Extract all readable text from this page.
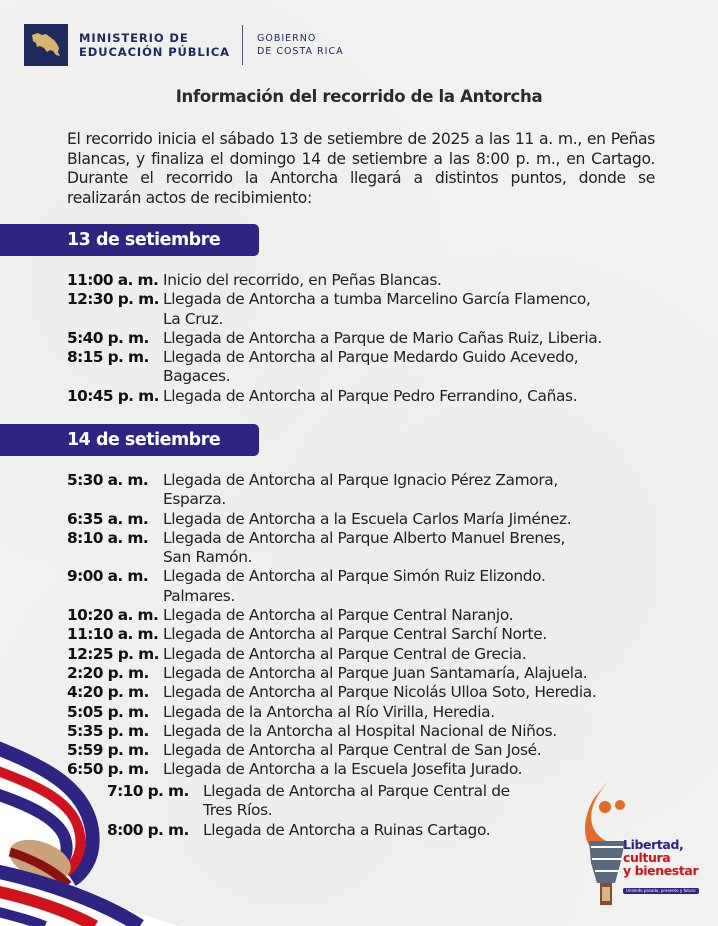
MINISTERIO DE
EDUCACIÓN PÚBLICA
GOBIERNO
DE COSTA RICA
Información del recorrido de la Antorcha
El recorrido inicia el sábado 13 de setiembre de 2025 a las 11 a. m., en Peñas Blancas, y finaliza el domingo 14 de setiembre a las 8:00 p. m., en Cartago. Durante el recorrido la Antorcha llegará a distintos puntos, donde se realizarán actos de recibimiento:
13 de setiembre
11:00 a. m. Inicio del recorrido, en Peñas Blancas.
12:30 p. m. Llegada de Antorcha a tumba Marcelino García Flamenco,
La Cruz.
5:40 p. m. Llegada de Antorcha a Parque de Mario Cañas Ruiz, Liberia.
8:15 p. m. Llegada de Antorcha al Parque Medardo Guido Acevedo,
Bagaces.
10:45 p. m. Llegada de Antorcha al Parque Pedro Ferrandino, Cañas.
14 de setiembre
5:30 a. m. Llegada de Antorcha al Parque Ignacio Pérez Zamora,
Esparza.
6:35 a. m. Llegada de Antorcha a la Escuela Carlos María Jiménez.
8:10 a. m. Llegada de Antorcha al Parque Alberto Manuel Brenes,
San Ramón.
9:00 a. m. Llegada de Antorcha al Parque Simón Ruiz Elizondo.
Palmares.
10:20 a. m. Llegada de Antorcha al Parque Central Naranjo.
11:10 a. m. Llegada de Antorcha al Parque Central Sarchí Norte.
12:25 p. m. Llegada de Antorcha al Parque Central de Grecia.
2:20 p. m. Llegada de Antorcha al Parque Juan Santamaría, Alajuela.
4:20 p. m. Llegada de Antorcha al Parque Nicolás Ulloa Soto, Heredia.
5:05 p. m. Llegada de la Antorcha al Río Virilla, Heredia.
5:35 p. m. Llegada de la Antorcha al Hospital Nacional de Niños.
5:59 p. m. Llegada de Antorcha al Parque Central de San José.
6:50 p. m. Llegada de Antorcha a la Escuela Josefita Jurado.
7:10 p. m. Llegada de Antorcha al Parque Central de
Tres Ríos.
8:00 p. m. Llegada de Antorcha a Ruinas Cartago.
Libertad,
cultura
y bienestar
Uniendo pasado, presente y futuro
